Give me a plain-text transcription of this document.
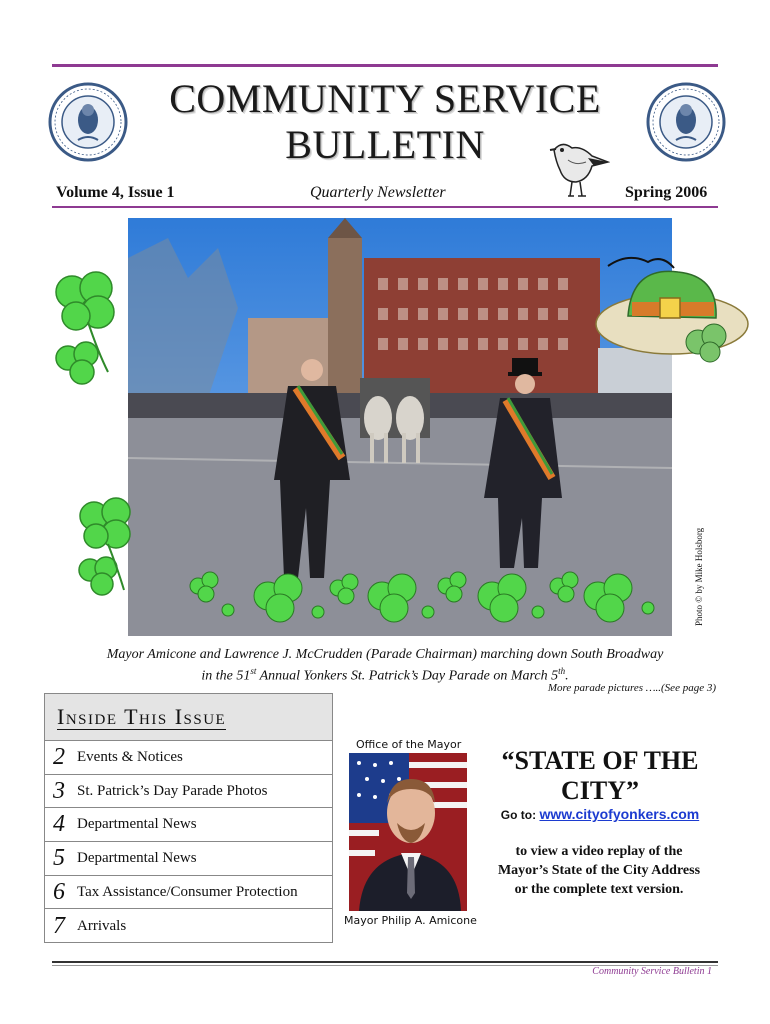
COMMUNITY SERVICE
BULLETIN
Volume 4, Issue 1	Quarterly Newsletter	Spring 2006
Photo © by Mike Holsborg
Mayor Amicone and Lawrence J. McCrudden (Parade Chairman) marching down South Broadway
in the 51st Annual Yonkers St. Patrick’s Day Parade on March 5th.
More parade pictures …..(See page 3)
Inside This Issue
2 Events & Notices
3 St. Patrick’s Day Parade Photos
4 Departmental News
5 Departmental News
6 Tax Assistance/Consumer Protection
7 Arrivals
Office of the Mayor
Mayor Philip A. Amicone
“STATE OF THE CITY”
Go to: www.cityofyonkers.com
to view a video replay of the Mayor’s State of the City Address or the complete text version.
Community Service Bulletin 1
